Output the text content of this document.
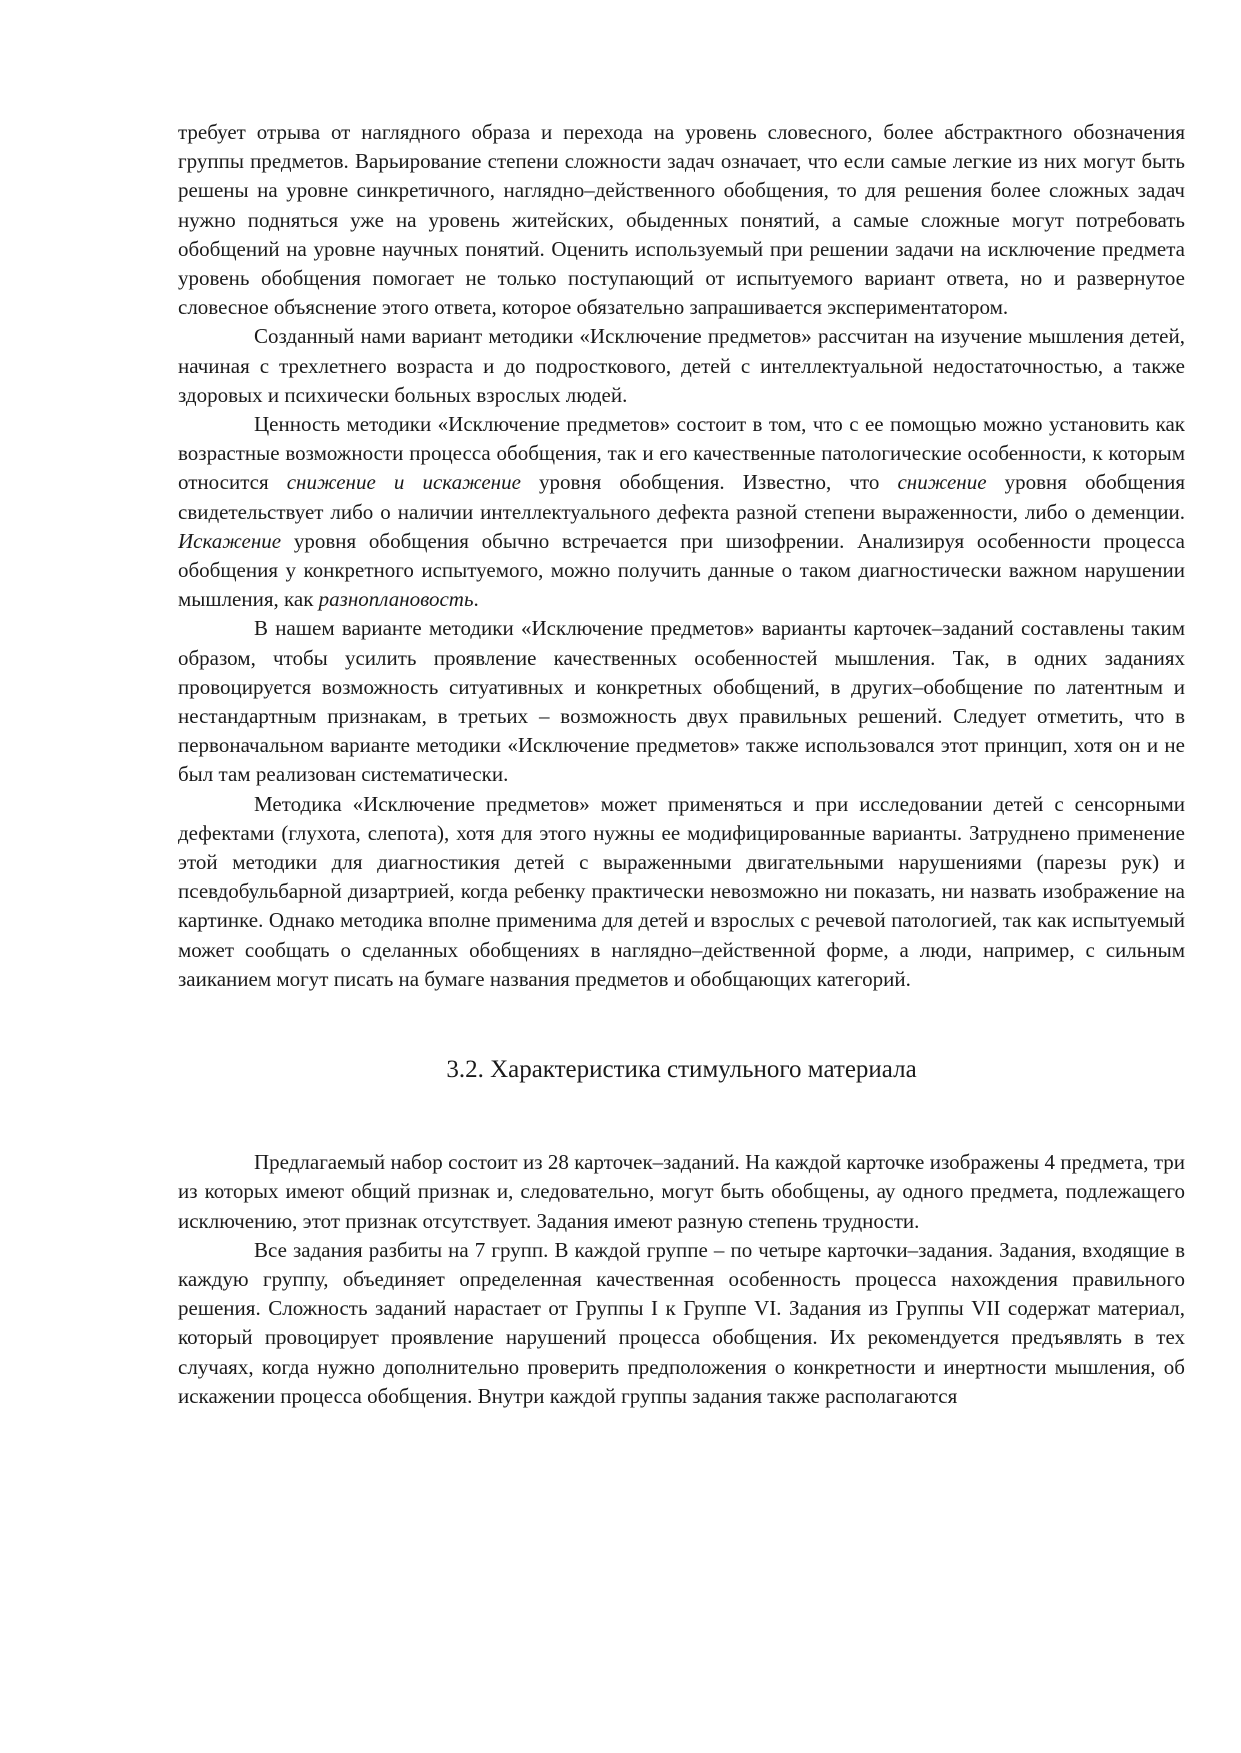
требует отрыва от наглядного образа и перехода на уровень словесного, более абстрактного обозначения группы предметов. Варьирование степени сложности задач означает, что если самые легкие из них могут быть решены на уровне синкретичного, наглядно–действенного обобщения, то для решения более сложных задач нужно подняться уже на уровень житейских, обыденных понятий, а самые сложные могут потребовать обобщений на уровне научных понятий. Оценить используемый при решении задачи на исключение предмета уровень обобщения помогает не только поступающий от испытуемого вариант ответа, но и развернутое словесное объяснение этого ответа, которое обязательно запрашивается экспериментатором.

Созданный нами вариант методики «Исключение предметов» рассчитан на изучение мышления детей, начиная с трехлетнего возраста и до подросткового, детей с интеллектуальной недостаточностью, а также здоровых и психически больных взрослых людей.

Ценность методики «Исключение предметов» состоит в том, что с ее помощью можно установить как возрастные возможности процесса обобщения, так и его качественные патологические особенности, к которым относится снижение и искажение уровня обобщения. Известно, что снижение уровня обобщения свидетельствует либо о наличии интеллектуального дефекта разной степени выраженности, либо о деменции. Искажение уровня обобщения обычно встречается при шизофрении. Анализируя особенности процесса обобщения у конкретного испытуемого, можно получить данные о таком диагностически важном нарушении мышления, как разноплановость.

В нашем варианте методики «Исключение предметов» варианты карточек–заданий составлены таким образом, чтобы усилить проявление качественных особенностей мышления. Так, в одних заданиях провоцируется возможность ситуативных и конкретных обобщений, в других–обобщение по латентным и нестандартным признакам, в третьих – возможность двух правильных решений. Следует отметить, что в первоначальном варианте методики «Исключение предметов» также использовался этот принцип, хотя он и не был там реализован систематически.

Методика «Исключение предметов» может применяться и при исследовании детей с сенсорными дефектами (глухота, слепота), хотя для этого нужны ее модифицированные варианты. Затруднено применение этой методики для диагностикия детей с выраженными двигательными нарушениями (парезы рук) и псевдобульбарной дизартрией, когда ребенку практически невозможно ни показать, ни назвать изображение на картинке. Однако методика вполне применима для детей и взрослых с речевой патологией, так как испытуемый может сообщать о сделанных обобщениях в наглядно–действенной форме, а люди, например, с сильным заиканием могут писать на бумаге названия предметов и обобщающих категорий.

3.2. Характеристика стимульного материала

Предлагаемый набор состоит из 28 карточек–заданий. На каждой карточке изображены 4 предмета, три из которых имеют общий признак и, следовательно, могут быть обобщены, ау одного предмета, подлежащего исключению, этот признак отсутствует. Задания имеют разную степень трудности.

Все задания разбиты на 7 групп. В каждой группе – по четыре карточки–задания. Задания, входящие в каждую группу, объединяет определенная качественная особенность процесса нахождения правильного решения. Сложность заданий нарастает от Группы I к Группе VI. Задания из Группы VII содержат материал, который провоцирует проявление нарушений процесса обобщения. Их рекомендуется предъявлять в тех случаях, когда нужно дополнительно проверить предположения о конкретности и инертности мышления, об искажении процесса обобщения. Внутри каждой группы задания также располагаются
